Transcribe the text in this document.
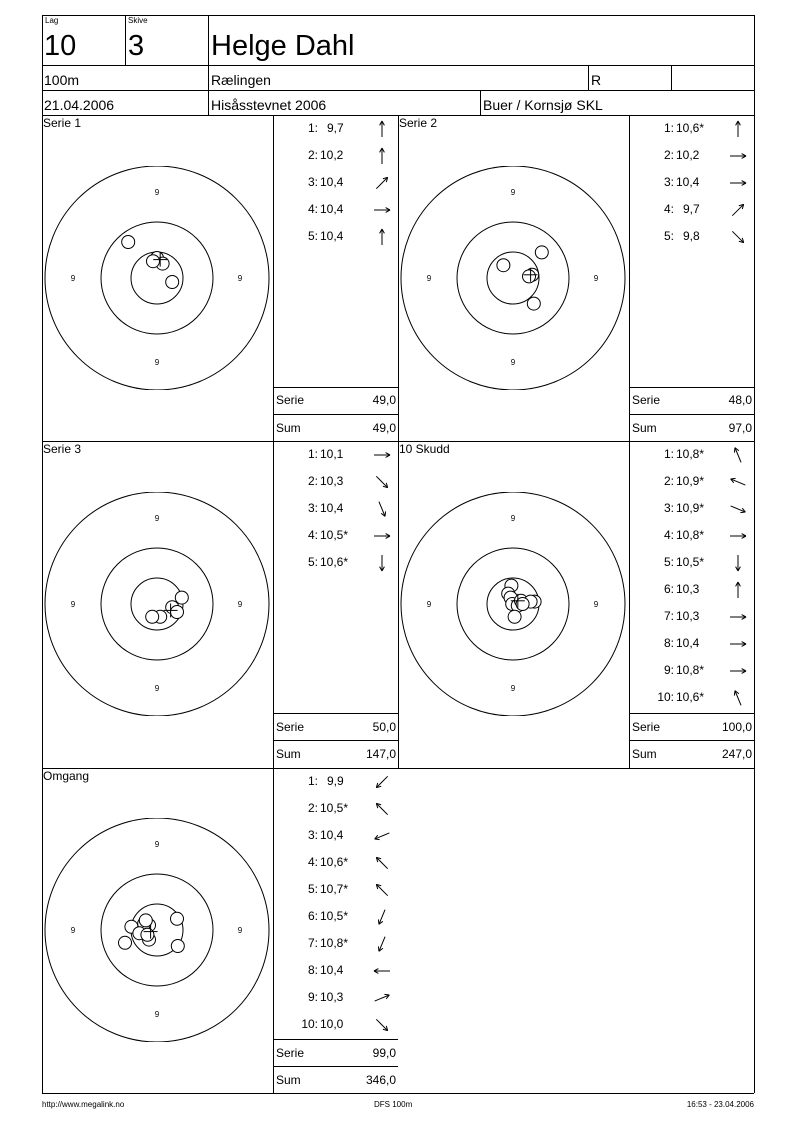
Lag
10
Skive
3 Helge Dahl
100m	Rælingen	R
21.04.2006	Hisåsstevnet 2006	Buer / Kornsjø SKL
Serie 1
9
9
9	9
1: 9,7
2: 10,2
3: 10,4
4: 10,4
5: 10,4
Serie	49,0
Sum	49,0
Serie 2
9
9
9	9
1: 10,6*
2: 10,2
3: 10,4
4: 9,7
5: 9,8
Serie	48,0
Sum	97,0
Serie 3
9
9
9	9
1: 10,1
2: 10,3
3: 10,4
4: 10,5*
5: 10,6*
Serie	50,0
Sum	147,0
10 Skudd
9
9
9	9
1: 10,8*
2: 10,9*
3: 10,9*
4: 10,8*
5: 10,5*
6: 10,3
7: 10,3
8: 10,4
9: 10,8*
10: 10,6*
Serie	100,0
Sum	247,0
Omgang
9
9
9	9
1: 9,9
2: 10,5*
3: 10,4
4: 10,6*
5: 10,7*
6: 10,5*
7: 10,8*
8: 10,4
9: 10,3
10: 10,0
Serie	99,0
Sum	346,0
http://www.megalink.no	DFS 100m	16:53 - 23.04.2006
